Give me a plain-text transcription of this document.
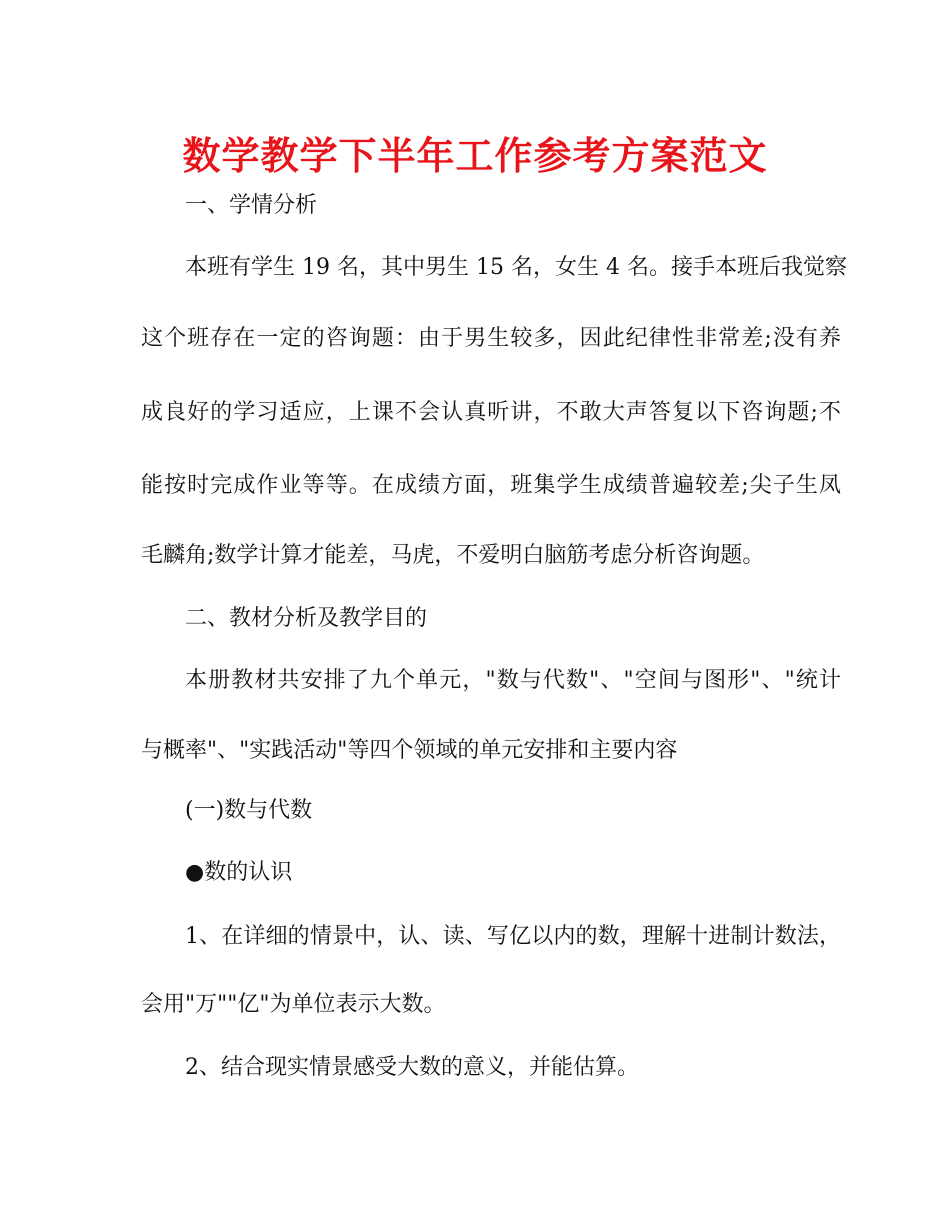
数学教学下半年工作参考方案范文

一、学情分析

本班有学生 19 名，其中男生 15 名，女生 4 名。接手本班后我觉察

这个班存在一定的咨询题：由于男生较多，因此纪律性非常差;没有养

成良好的学习适应，上课不会认真听讲，不敢大声答复以下咨询题;不

能按时完成作业等等。在成绩方面，班集学生成绩普遍较差;尖子生凤

毛麟角;数学计算才能差，马虎，不爱明白脑筋考虑分析咨询题。

二、教材分析及教学目的

本册教材共安排了九个单元，"数与代数"、"空间与图形"、"统计

与概率"、"实践活动"等四个领域的单元安排和主要内容

(一)数与代数

●数的认识

1、在详细的情景中，认、读、写亿以内的数，理解十进制计数法，

会用"万""亿"为单位表示大数。

2、结合现实情景感受大数的意义，并能估算。
